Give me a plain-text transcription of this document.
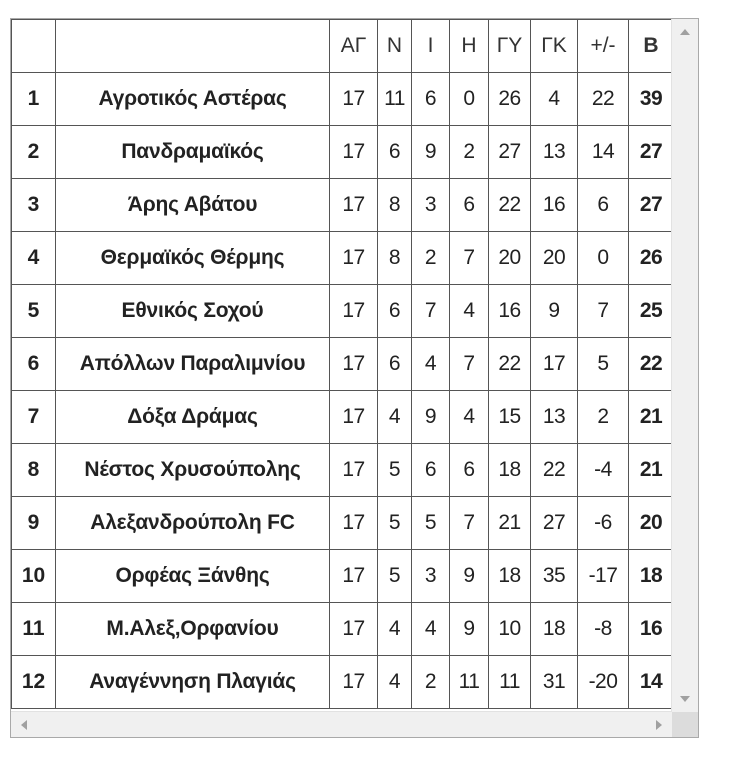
		ΑΓ	Ν	Ι	Η	ΓΥ	ΓΚ	+/-	Β
1	Αγροτικός Αστέρας	17	11	6	0	26	4	22	39
2	Πανδραμαϊκός	17	6	9	2	27	13	14	27
3	Άρης Αβάτου	17	8	3	6	22	16	6	27
4	Θερμαϊκός Θέρμης	17	8	2	7	20	20	0	26
5	Εθνικός Σοχού	17	6	7	4	16	9	7	25
6	Απόλλων Παραλιμνίου	17	6	4	7	22	17	5	22
7	Δόξα Δράμας	17	4	9	4	15	13	2	21
8	Νέστος Χρυσούπολης	17	5	6	6	18	22	-4	21
9	Αλεξανδρούπολη FC	17	5	5	7	21	27	-6	20
10	Ορφέας Ξάνθης	17	5	3	9	18	35	-17	18
11	Μ.Αλεξ,Ορφανίου	17	4	4	9	10	18	-8	16
12	Αναγέννηση Πλαγιάς	17	4	2	11	11	31	-20	14
